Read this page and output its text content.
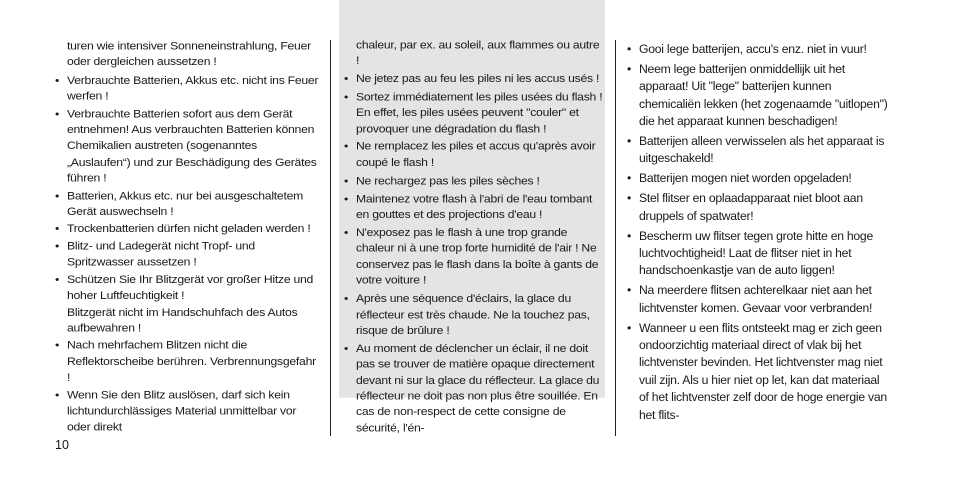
turen wie intensiver Sonneneinstrahlung, Feuer oder dergleichen aussetzen !

• Verbrauchte Batterien, Akkus etc. nicht ins Feuer werfen !
• Verbrauchte Batterien sofort aus dem Gerät entnehmen! Aus verbrauchten Batterien können Chemikalien austreten (sogenanntes „Auslaufen“) und zur Beschädigung des Gerätes führen !
• Batterien, Akkus etc. nur bei ausgeschaltetem Gerät auswechseln !
• Trockenbatterien dürfen nicht geladen werden !
• Blitz- und Ladegerät nicht Tropf- und Spritzwasser aussetzen !
• Schützen Sie Ihr Blitzgerät vor großer Hitze und hoher Luftfeuchtigkeit !
Blitzgerät nicht im Handschuhfach des Autos aufbewahren !
• Nach mehrfachem Blitzen nicht die Reflektorscheibe berühren. Verbrennungsgefahr !
• Wenn Sie den Blitz auslösen, darf sich kein lichtundurchlässiges Material unmittelbar vor oder direkt

chaleur, par ex. au soleil, aux flammes ou autre !

• Ne jetez pas au feu les piles ni les accus usés !
• Sortez immédiatement les piles usées du flash ! En effet, les piles usées peuvent "couler" et provoquer une dégradation du flash !
• Ne remplacez les piles et accus qu'après avoir coupé le flash !
• Ne rechargez pas les piles sèches !
• Maintenez votre flash à l'abri de l'eau tombant en gouttes et des projections d'eau !
• N'exposez pas le flash à une trop grande chaleur ni à une trop forte humidité de l'air ! Ne conservez pas le flash dans la boîte à gants de votre voiture !
• Après une séquence d'éclairs, la glace du réflecteur est très chaude. Ne la touchez pas, risque de brûlure !
• Au moment de déclencher un éclair, il ne doit pas se trouver de matière opaque directement devant ni sur la glace du réflecteur. La glace du réflecteur ne doit pas non plus être souillée. En cas de non-respect de cette consigne de sécurité, l'én-
• Gooi lege batterijen, accu's enz. niet in vuur!
• Neem lege batterijen onmiddellijk uit het apparaat! Uit "lege" batterijen kunnen chemicaliën lekken (het zogenaamde "uitlopen") die het apparaat kunnen beschadigen!
• Batterijen alleen verwisselen als het apparaat is uitgeschakeld!
• Batterijen mogen niet worden opgeladen!
• Stel flitser en oplaadapparaat niet bloot aan druppels of spatwater!
• Bescherm uw flitser tegen grote hitte en hoge luchtvochtigheid! Laat de flitser niet in het handschoenkastje van de auto liggen!
• Na meerdere flitsen achterelkaar niet aan het lichtvenster komen. Gevaar voor verbranden!
• Wanneer u een flits ontsteekt mag er zich geen ondoorzichtig materiaal direct of vlak bij het lichtvenster bevinden. Het lichtvenster mag niet vuil zijn. Als u hier niet op let, kan dat materiaal of het lichtvenster zelf door de hoge energie van het flits-
10
